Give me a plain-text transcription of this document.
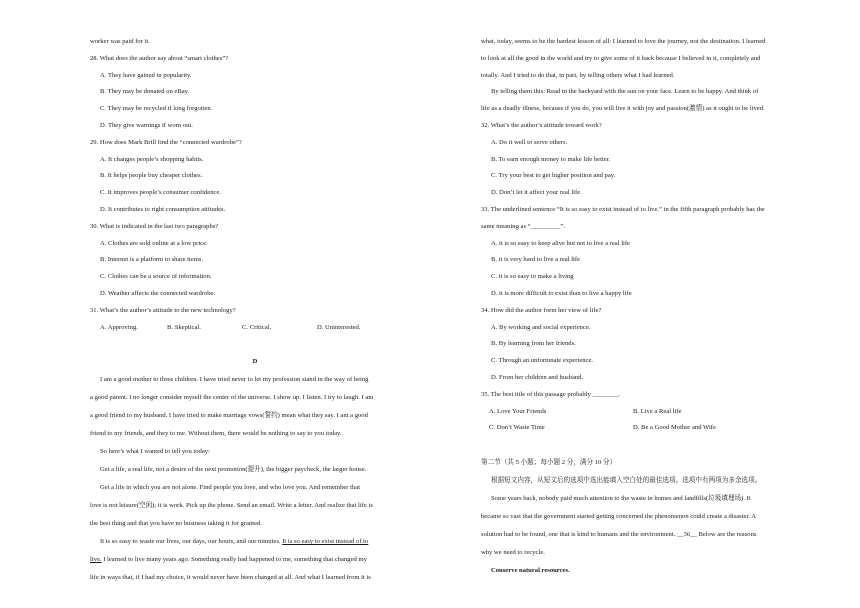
worker was paid for it.
28. What does the author say about “smart clothes”?
A. They have gained in popularity.
B. They may be donated on eBay.
C. They may be recycled if long forgotten.
D. They give warnings if worn out.
29. How does Mark Brill find the “connected wardrobe”?
A. It changes people’s shopping habits.
B. It helps people buy cheaper clothes.
C. It improves people’s consumer confidence.
D. It contributes to right consumption attitudes.
30. What is indicated in the last two paragraphs?
A. Clothes are sold online at a low price.
B. Internet is a platform to share items.
C. Clothes can be a source of information.
D. Weather affects the connected wardrobe.
31. What’s the author’s attitude to the new technology?
A. Approving.	B. Skeptical.	C. Critical.	D. Uninterested.
D
I am a good mother to three children. I have tried never to let my profession stand in the way of being
a good parent. I no longer consider myself the center of the universe. I show up. I listen. I try to laugh. I am
a good friend to my husband. I have tried to make marriage vows(誓约) mean what they say. I am a good
friend to my friends, and they to me. Without them, there would be nothing to say to you today.
So here’s what I wanted to tell you today:
Get a life, a real life, not a desire of the next promotion(提升), the bigger paycheck, the larger house.
Get a life in which you are not alone. Find people you love, and who love you. And remember that
love is not leisure(空闲); it is work. Pick up the phone. Send an email. Write a letter. And realize that life is
the best thing and that you have no business taking it for granted.
It is so easy to waste our lives, our days, our hours, and our minutes. It is so easy to exist instead of to
live. I learned to live many years ago. Something really bad happened to me, something that changed my
life in ways that, if I had my choice, it would never have been changed at all. And what I learned from it is
what, today, seems to be the hardest lesson of all: I learned to love the journey, not the destination. I learned
to look at all the good in the world and try to give some of it back because I believed in it, completely and
totally. And I tried to do that, in part, by telling others what I had learned.
By telling them this: Read in the backyard with the sun on your face. Learn to be happy. And think of
life as a deadly illness, because if you do, you will live it with joy and passion(激情) as it ought to be lived.
32. What’s the author’s attitude toward work?
A. Do it well to serve others.
B. To earn enough money to make life better.
C. Try your best to get higher position and pay.
D. Don’t let it affect your real life.
33. The underlined sentence “It is so easy to exist instead of to live.” in the fifth paragraph probably has the
same meaning as “_________”.
A. it is so easy to keep alive but not to live a real life
B. it is very hard to live a real life
C. it is so easy to make a living
D. it is more difficult to exist than to live a happy life
34. How did the author form her view of life?
A. By working and social experience.
B. By learning from her friends.
C. Through an unfortunate experience.
D. From her children and husband.
35. The best title of this passage probably ________.
A. Love Your Friends	B. Live a Real life
C. Don’t Waste Time	D. Be a Good Mother and Wife
第二节（共 5 小题；每小题 2 分，满分 10 分）
根据短文内容，从短文后的选项中选出能填入空白处的最佳选项。选项中有两项为多余选项。
Some years back, nobody paid much attention to the waste in homes and landfills(垃圾填埋场). It
became so vast that the government started getting concerned the phenomenon could create a disaster. A
solution had to be found, one that is kind to humans and the environment. __36__ Below are the reasons
why we need to recycle.
Conserve natural resources.
